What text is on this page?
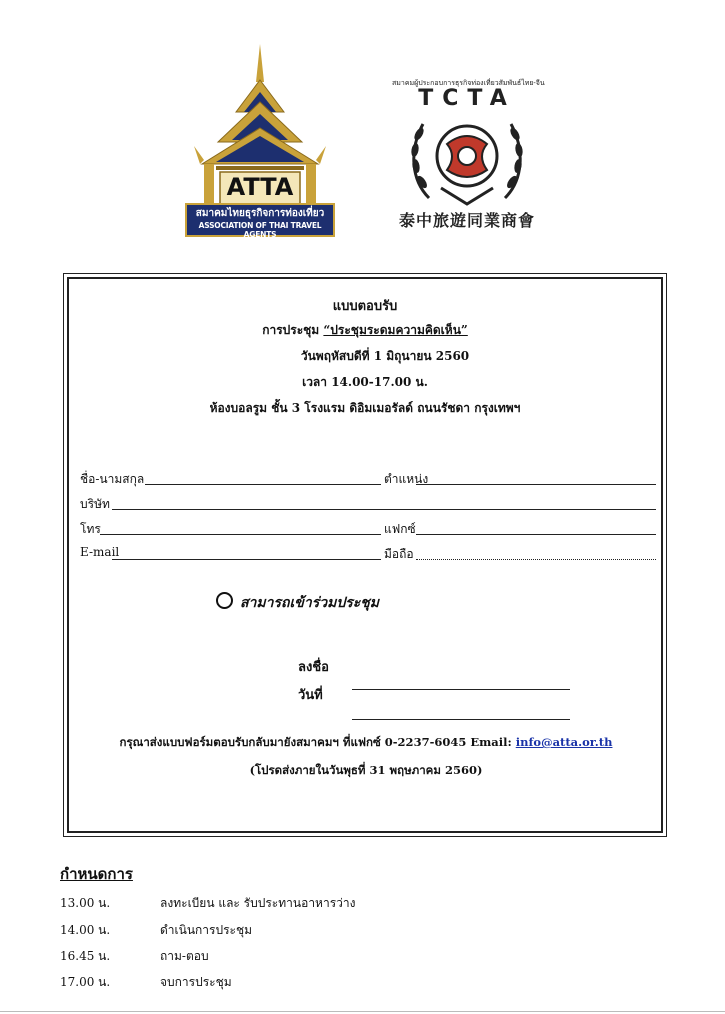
ATTA
สมาคมไทยธุรกิจการท่องเที่ยว
ASSOCIATION OF THAI TRAVEL AGENTS
สมาคมผู้ประกอบการธุรกิจท่องเที่ยวสัมพันธ์ไทย-จีน
TCTA
泰中旅遊同業商會
แบบตอบรับ
การประชุม “ประชุมระดมความคิดเห็น”
วันพฤหัสบดีที่ 1 มิถุนายน 2560
เวลา 14.00-17.00 น.
ห้องบอลรูม ชั้น 3 โรงแรม ดิอิมเมอรัลด์ ถนนรัชดา กรุงเทพฯ
ชื่อ-นามสกุล	ตำแหน่ง
บริษัท
โทร	แฟกซ์
E-mail	มือถือ
สามารถเข้าร่วมประชุม
ลงชื่อ
วันที่
กรุณาส่งแบบฟอร์มตอบรับกลับมายังสมาคมฯ ที่แฟกซ์ 0-2237-6045 Email: info@atta.or.th
(โปรดส่งภายในวันพุธที่ 31 พฤษภาคม 2560)
กำหนดการ
13.00 น.	ลงทะเบียน และ รับประทานอาหารว่าง
14.00 น.	ดำเนินการประชุม
16.45 น.	ถาม-ตอบ
17.00 น.	จบการประชุม
